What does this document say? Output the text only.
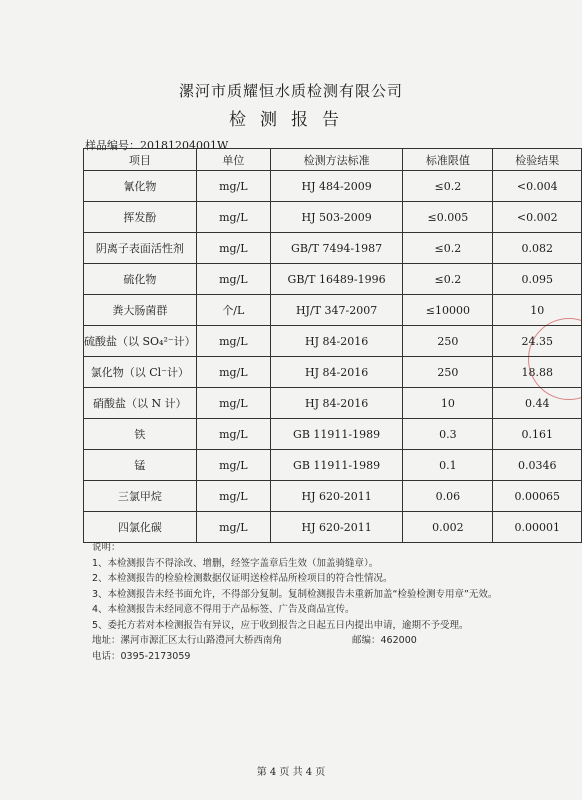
漯河市质耀恒水质检测有限公司
检测报告
样品编号：20181204001W
项目	单位	检测方法标准	标准限值	检验结果
氰化物	mg/L	HJ 484-2009	≤0.2	<0.004
挥发酚	mg/L	HJ 503-2009	≤0.005	<0.002
阴离子表面活性剂	mg/L	GB/T 7494-1987	≤0.2	0.082
硫化物	mg/L	GB/T 16489-1996	≤0.2	0.095
粪大肠菌群	个/L	HJ/T 347-2007	≤10000	10
硫酸盐（以 SO₄²⁻计）	mg/L	HJ 84-2016	250	24.35
氯化物（以 Cl⁻计）	mg/L	HJ 84-2016	250	18.88
硝酸盐（以 N 计）	mg/L	HJ 84-2016	10	0.44
铁	mg/L	GB 11911-1989	0.3	0.161
锰	mg/L	GB 11911-1989	0.1	0.0346
三氯甲烷	mg/L	HJ 620-2011	0.06	0.00065
四氯化碳	mg/L	HJ 620-2011	0.002	0.00001
说明：
1、本检测报告不得涂改、增删，经签字盖章后生效（加盖骑缝章）。
2、本检测报告的检验检测数据仅证明送检样品所检项目的符合性情况。
3、本检测报告未经书面允许，不得部分复制。复制检测报告未重新加盖“检验检测专用章”无效。
4、本检测报告未经同意不得用于产品标签、广告及商品宣传。
5、委托方若对本检测报告有异议，应于收到报告之日起五日内提出申请，逾期不予受理。
地址：漯河市源汇区太行山路澧河大桥西南角	邮编：462000
电话：0395-2173059
第 4 页 共 4 页
